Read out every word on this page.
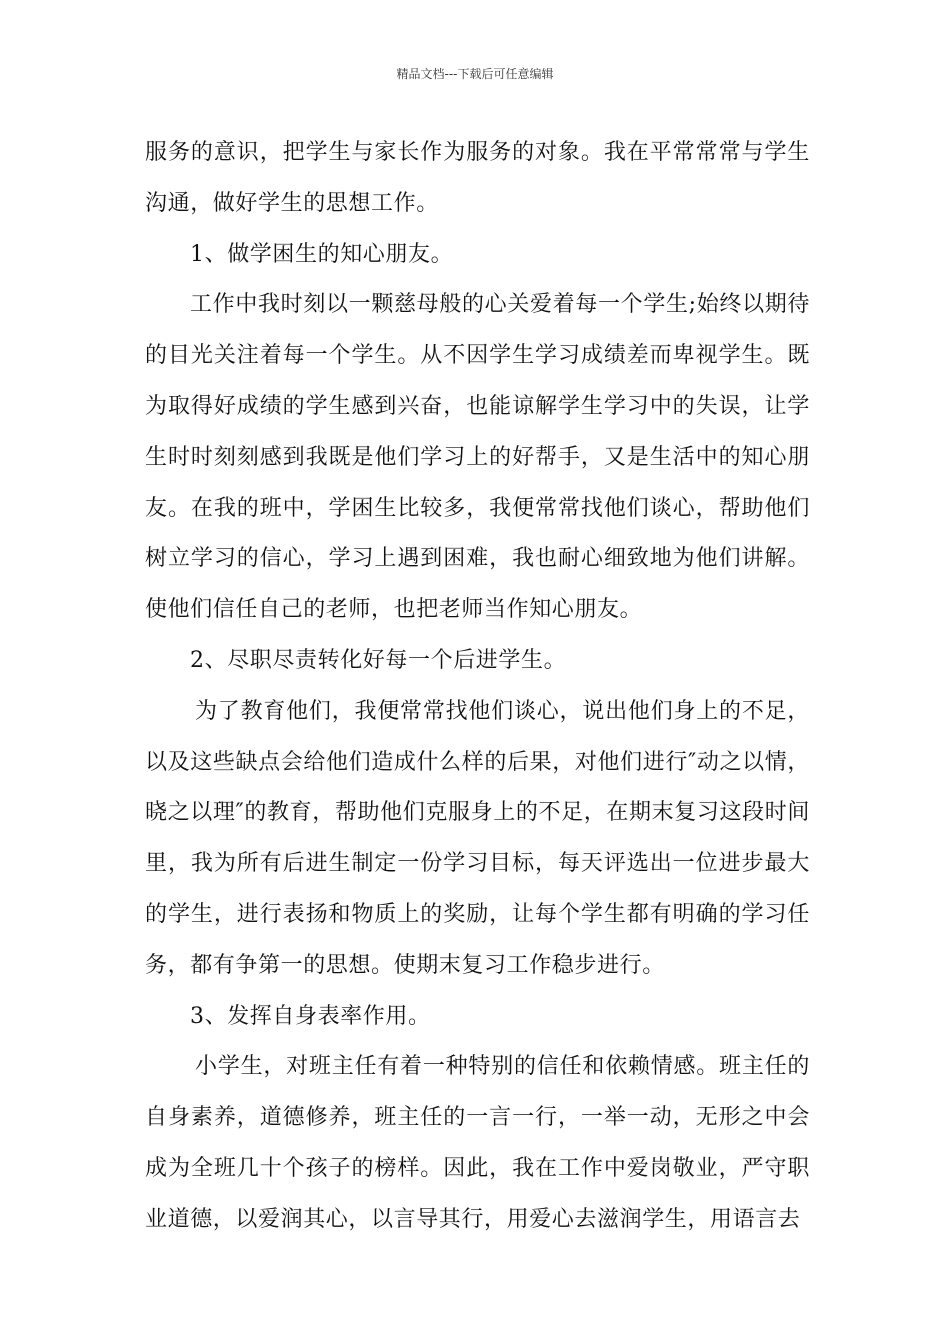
精品文档---下载后可任意编辑

服务的意识，把学生与家长作为服务的对象。我在平常常常与学生沟通，做好学生的思想工作。

1、做学困生的知心朋友。

工作中我时刻以一颗慈母般的心关爱着每一个学生;始终以期待的目光关注着每一个学生。从不因学生学习成绩差而卑视学生。既为取得好成绩的学生感到兴奋，也能谅解学生学习中的失误，让学生时时刻刻感到我既是他们学习上的好帮手，又是生活中的知心朋友。在我的班中，学困生比较多，我便常常找他们谈心，帮助他们树立学习的信心，学习上遇到困难，我也耐心细致地为他们讲解。使他们信任自己的老师，也把老师当作知心朋友。

2、尽职尽责转化好每一个后进学生。

为了教育他们，我便常常找他们谈心，说出他们身上的不足，以及这些缺点会给他们造成什么样的后果，对他们进行″动之以情，晓之以理″的教育，帮助他们克服身上的不足，在期末复习这段时间里，我为所有后进生制定一份学习目标，每天评选出一位进步最大的学生，进行表扬和物质上的奖励，让每个学生都有明确的学习任务，都有争第一的思想。使期末复习工作稳步进行。

3、发挥自身表率作用。

小学生，对班主任有着一种特别的信任和依赖情感。班主任的自身素养，道德修养，班主任的一言一行，一举一动，无形之中会成为全班几十个孩子的榜样。因此，我在工作中爱岗敬业，严守职业道德，以爱润其心，以言导其行，用爱心去滋润学生，用语言去
